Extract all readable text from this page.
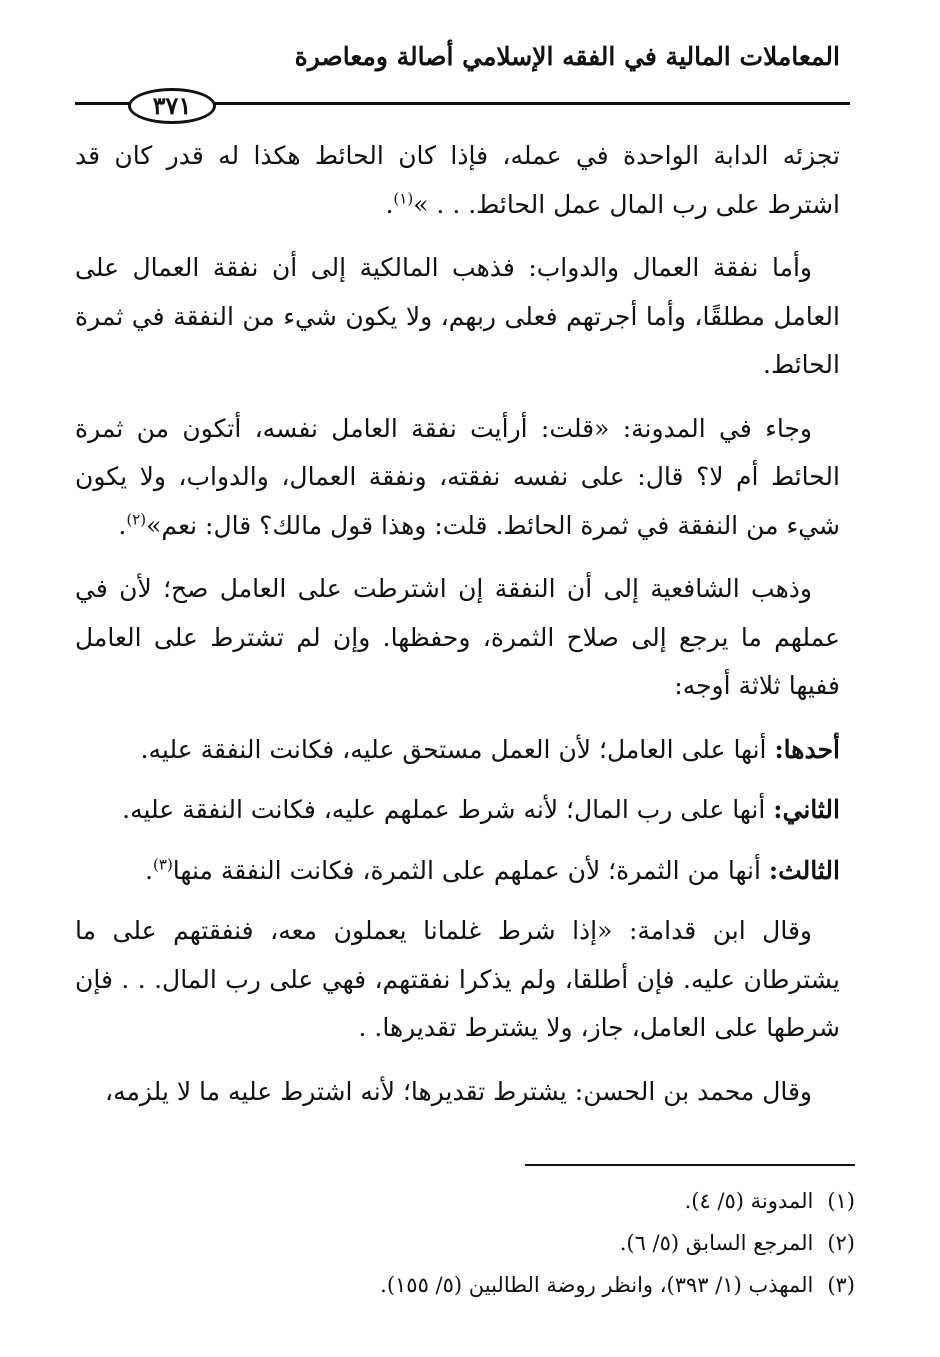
المعاملات المالية في الفقه الإسلامي أصالة ومعاصرة
٣٧١

تجزئه الدابة الواحدة في عمله، فإذا كان الحائط هكذا له قدر كان قد اشترط على رب المال عمل الحائط. . . »$^{(١)}$.

وأما نفقة العمال والدواب: فذهب المالكية إلى أن نفقة العمال على العامل مطلقًا، وأما أجرتهم فعلى ربهم، ولا يكون شيء من النفقة في ثمرة الحائط.

وجاء في المدونة: «قلت: أرأيت نفقة العامل نفسه، أتكون من ثمرة الحائط أم لا؟ قال: على نفسه نفقته، ونفقة العمال، والدواب، ولا يكون شيء من النفقة في ثمرة الحائط. قلت: وهذا قول مالك؟ قال: نعم»$^{(٢)}$.

وذهب الشافعية إلى أن النفقة إن اشترطت على العامل صح؛ لأن في عملهم ما يرجع إلى صلاح الثمرة، وحفظها. وإن لم تشترط على العامل ففيها ثلاثة أوجه:

أحدها: أنها على العامل؛ لأن العمل مستحق عليه، فكانت النفقة عليه.

الثاني: أنها على رب المال؛ لأنه شرط عملهم عليه، فكانت النفقة عليه.

الثالث: أنها من الثمرة؛ لأن عملهم على الثمرة، فكانت النفقة منها$^{(٣)}$.

وقال ابن قدامة: «إذا شرط غلمانا يعملون معه، فنفقتهم على ما يشترطان عليه. فإن أطلقا، ولم يذكرا نفقتهم، فهي على رب المال. . . فإن شرطها على العامل، جاز، ولا يشترط تقديرها. .

وقال محمد بن الحسن: يشترط تقديرها؛ لأنه اشترط عليه ما لا يلزمه،

(١)المدونة (٥/ ٤).

(٢)المرجع السابق (٥/ ٦).

(٣)المهذب (١/ ٣٩٣)، وانظر روضة الطالبين (٥/ ١٥٥).
